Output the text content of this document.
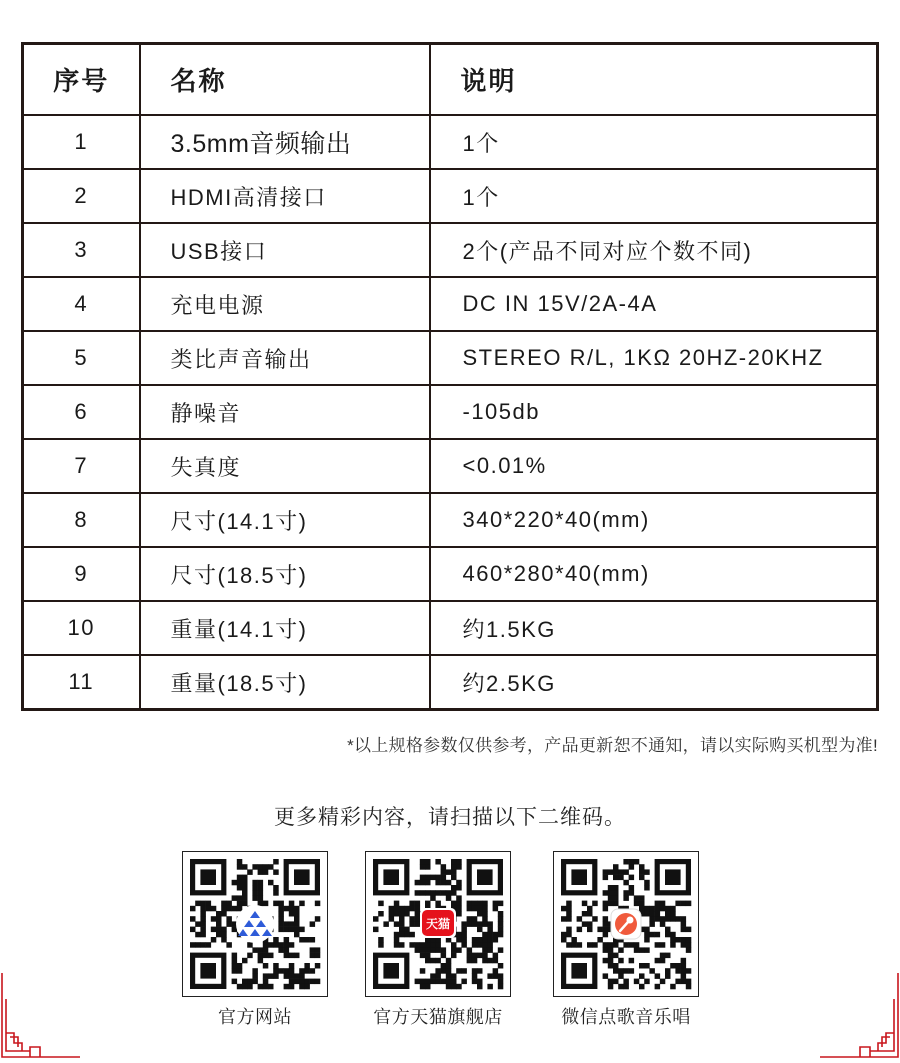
序号	名称	说明
1	3.5mm音频输出	1个
2	HDMI高清接口	1个
3	USB接口	2个(产品不同对应个数不同)
4	充电电源	DC IN 15V/2A-4A
5	类比声音输出	STEREO R/L, 1KΩ 20HZ-20KHZ
6	静噪音	-105db
7	失真度	<0.01%
8	尺寸(14.1寸)	340*220*40(mm)
9	尺寸(18.5寸)	460*280*40(mm)
10	重量(14.1寸)	约1.5KG
11	重量(18.5寸)	约2.5KG
*以上规格参数仅供参考，产品更新恕不通知，请以实际购买机型为准!
更多精彩内容，请扫描以下二维码。
官方网站
天猫
官方天猫旗舰店	微信点歌音乐唱
